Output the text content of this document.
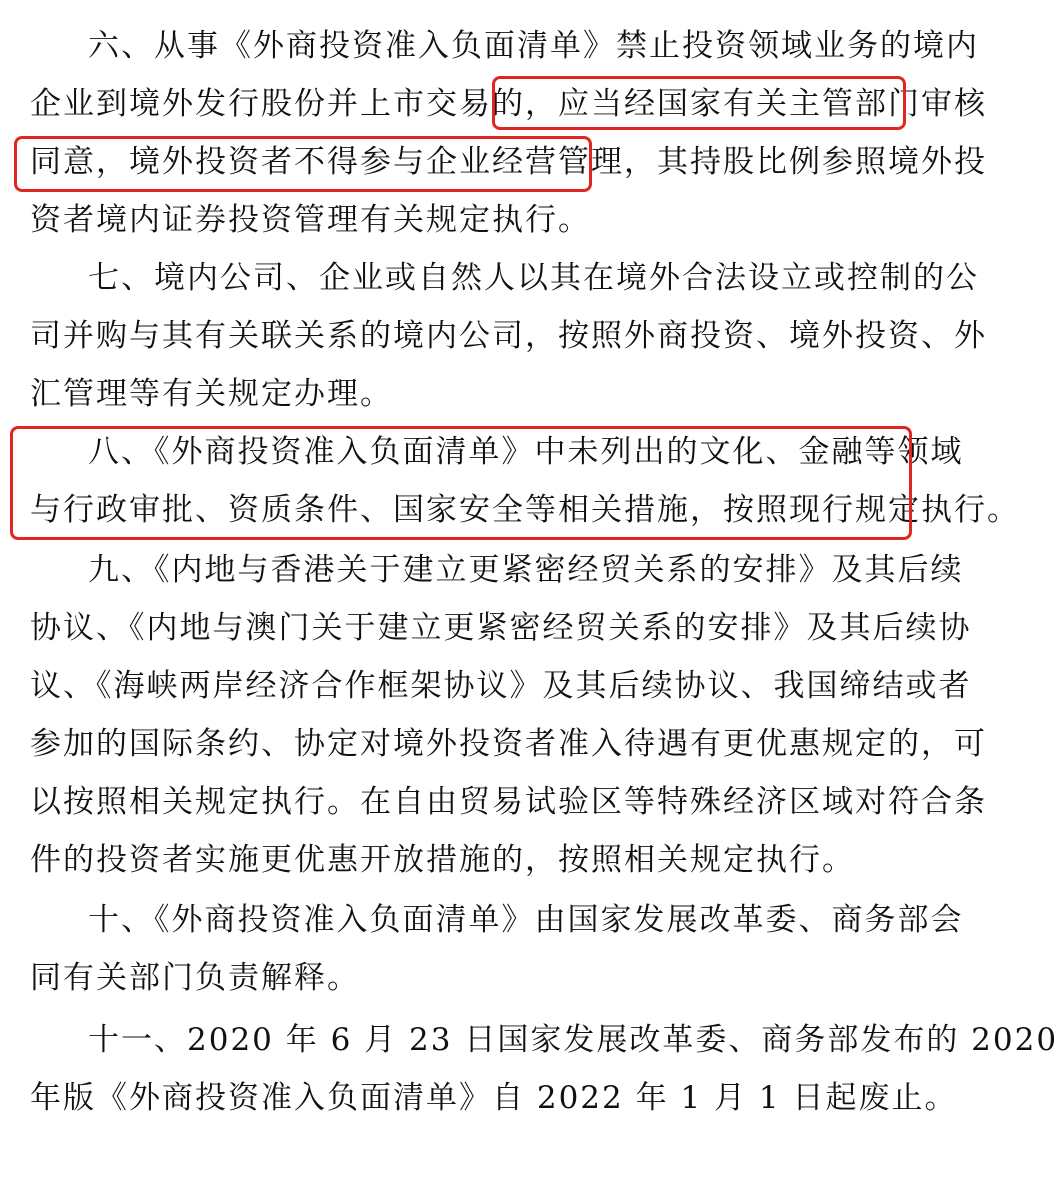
六、从事《外商投资准入负面清单》禁止投资领域业务的境内
企业到境外发行股份并上市交易的，应当经国家有关主管部门审核
同意，境外投资者不得参与企业经营管理，其持股比例参照境外投
资者境内证券投资管理有关规定执行。
七、境内公司、企业或自然人以其在境外合法设立或控制的公
司并购与其有关联关系的境内公司，按照外商投资、境外投资、外
汇管理等有关规定办理。
八、《外商投资准入负面清单》中未列出的文化、金融等领域
与行政审批、资质条件、国家安全等相关措施，按照现行规定执行。
九、《内地与香港关于建立更紧密经贸关系的安排》及其后续
协议、《内地与澳门关于建立更紧密经贸关系的安排》及其后续协
议、《海峡两岸经济合作框架协议》及其后续协议、我国缔结或者
参加的国际条约、协定对境外投资者准入待遇有更优惠规定的，可
以按照相关规定执行。在自由贸易试验区等特殊经济区域对符合条
件的投资者实施更优惠开放措施的，按照相关规定执行。
十、《外商投资准入负面清单》由国家发展改革委、商务部会
同有关部门负责解释。
十一、2020 年 6 月 23 日国家发展改革委、商务部发布的 2020
年版《外商投资准入负面清单》自 2022 年 1 月 1 日起废止。
